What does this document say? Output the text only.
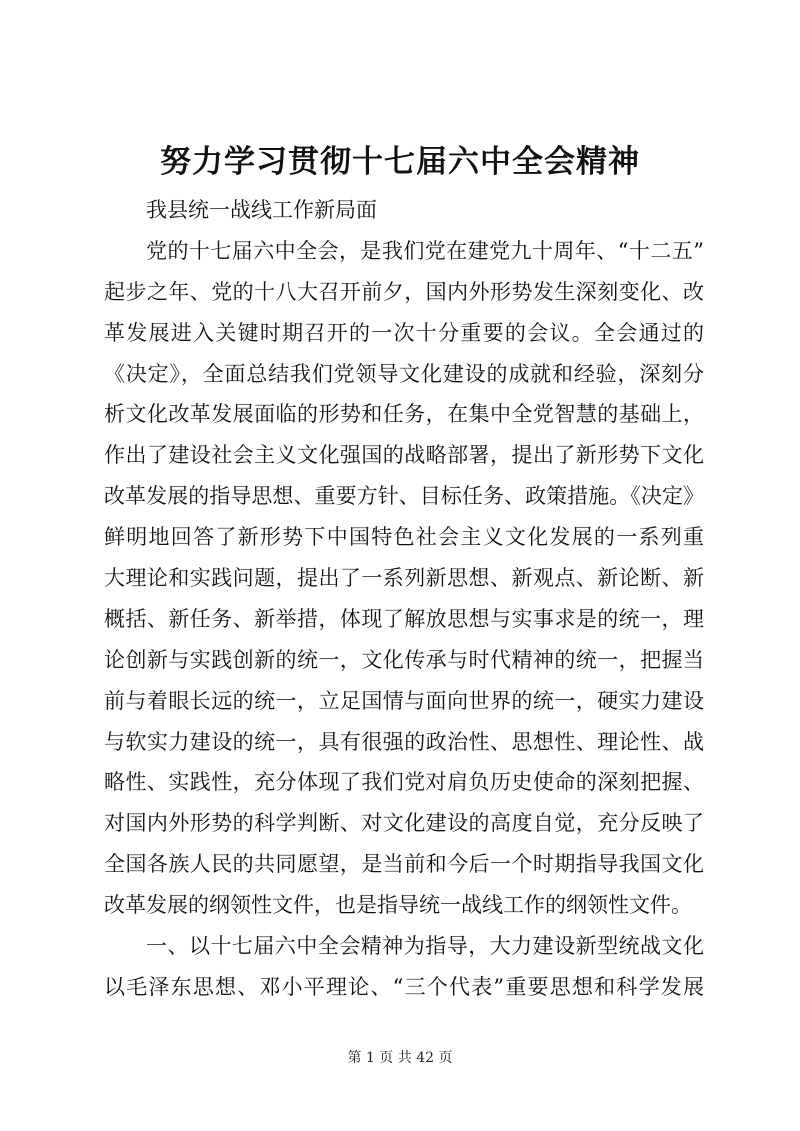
努力学习贯彻十七届六中全会精神
我县统一战线工作新局面
党的十七届六中全会，是我们党在建党九十周年、“十二五”
起步之年、党的十八大召开前夕，国内外形势发生深刻变化、改
革发展进入关键时期召开的一次十分重要的会议。全会通过的
《决定》，全面总结我们党领导文化建设的成就和经验，深刻分
析文化改革发展面临的形势和任务，在集中全党智慧的基础上，
作出了建设社会主义文化强国的战略部署，提出了新形势下文化
改革发展的指导思想、重要方针、目标任务、政策措施。《决定》
鲜明地回答了新形势下中国特色社会主义文化发展的一系列重
大理论和实践问题，提出了一系列新思想、新观点、新论断、新
概括、新任务、新举措，体现了解放思想与实事求是的统一，理
论创新与实践创新的统一，文化传承与时代精神的统一，把握当
前与着眼长远的统一，立足国情与面向世界的统一，硬实力建设
与软实力建设的统一，具有很强的政治性、思想性、理论性、战
略性、实践性，充分体现了我们党对肩负历史使命的深刻把握、
对国内外形势的科学判断、对文化建设的高度自觉，充分反映了
全国各族人民的共同愿望，是当前和今后一个时期指导我国文化
改革发展的纲领性文件，也是指导统一战线工作的纲领性文件。
一、以十七届六中全会精神为指导，大力建设新型统战文化
以毛泽东思想、邓小平理论、“三个代表”重要思想和科学发展
第 1 页 共 42 页
